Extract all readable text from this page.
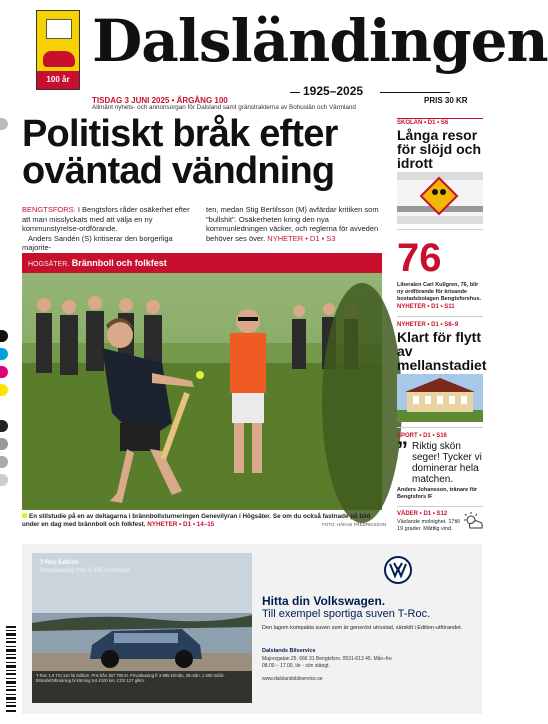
100 år
Dalsländingen
1925–2025
TISDAG 3 JUNI 2025 • ÅRGÅNG 100
Allmänt nyhets- och annonsorgan för Dalsland samt gränstrakterna av Bohuslän och Värmland
PRIS 30 KR
Politiskt bråk efter oväntad vändning
BENGTSFORS. I Bengtsfors råder osäkerhet efter att man misslyckats med att välja en ny kommunstyrelse-ordförande.
Anders Sandén (S) kritiserar den borgerliga majorite-
ten, medan Stig Bertilsson (M) avfärdar kritiken som "bullshit". Osäkerheten kring den nya kommunledningen väcker, och reglerna för avveden behöver ses över. NYHETER • D1 • S3
HÖGSÄTER. Brännboll och folkfest
En stilstudie på en av deltagarna i brännbollsturneringen Genevilyran i Högsäter. Se om du också fastnade på bild under en dag med brännboll och folkfest. NYHETER • D1 • 14–15	FOTO: HÅKAN FREDRIKSSON
SKOLAN • D1 • S6
Långa resor för slöjd och idrott
76
Liberalen Carl Kullgren, 76, blir ny ordförande för krisande bostadsbolagen Bengtsforshus.
NYHETER • D1 • S11
NYHETER • D1 • S8–9
Klart för flytt av mellanstadiet
SPORT • D1 • S16
” Riktig skön seger! Tycker vi dominerar hela matchen.
Anders Johansson, tränare för Bengtsfors IF
VÄDER • D1 • S12
Växlande molnighet. 17till 19 grader. Måttlig vind.
T-Roc Edition
Privatleasing från 3 995 kr/månad.
T-Roc 1.0 TSI 110 hk Edition. Pris från 367 700 kr. Privatleasing fr 3 995 kr/mån, 36 mån, 1 500 mil/år. Bränsleförbrukning bl körning 5,6 l/100 km, CO2 127 g/km.
Hitta din Volkswagen.
Till exempel sportiga suven T-Roc.
Den lagom kompakta suven som är generöst utrustad, särskilt i Edition-utförandet.
Dalslands Bilservice
Majorsgatan 25, 666 31 Bengtsfors, 0531-613 45. Mån–fre 08.00 – 17.00, lör - sön stängt.
www.dalslandsbilservice.se
